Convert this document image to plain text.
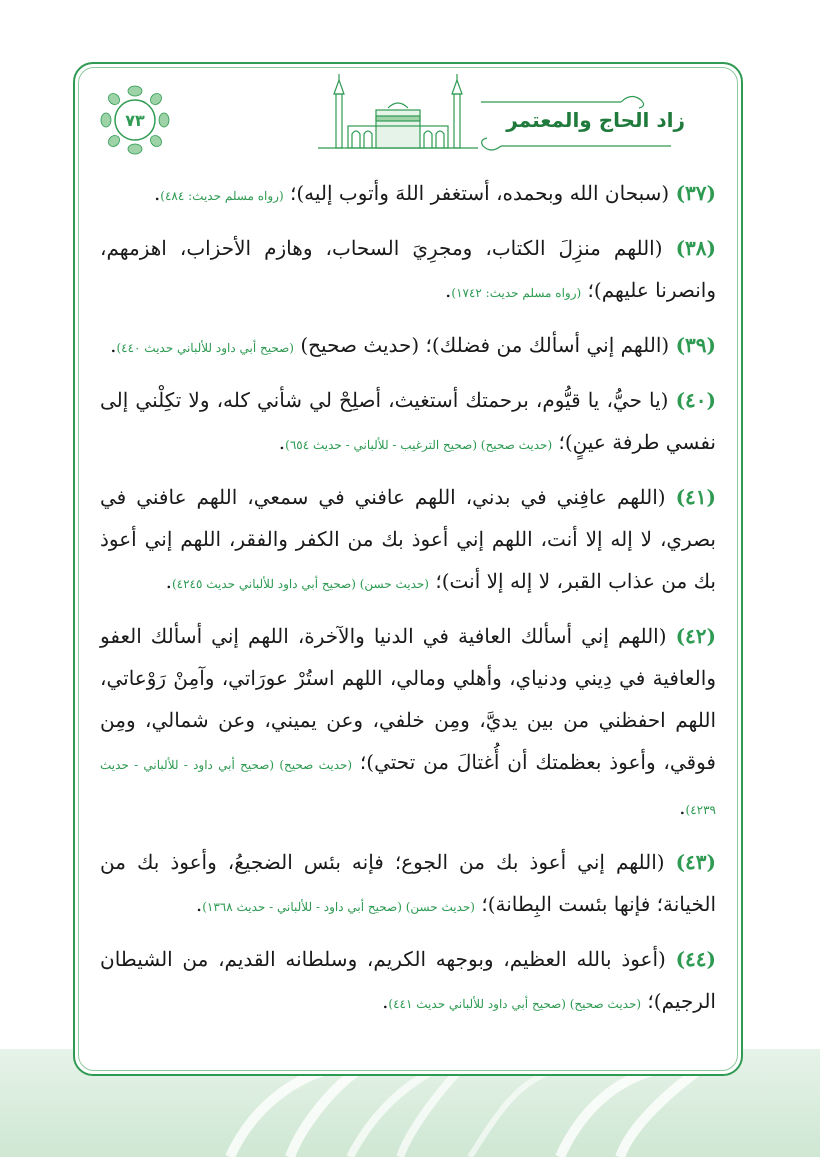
٧٣	زاد الحاج والمعتمر

(٣٧) (سبحان الله وبحمده، أستغفر اللهَ وأتوب إليه)؛ (رواه مسلم حديث: ٤٨٤).

(٣٨) (اللهم منزِلَ الكتاب، ومجرِيَ السحاب، وهازم الأحزاب، اهزمهم، وانصرنا عليهم)؛ (رواه مسلم حديث: ١٧٤٢).

(٣٩) (اللهم إني أسألك من فضلك)؛ (حديث صحيح) (صحيح أبي داود للألباني حديث ٤٤٠).

(٤٠) (يا حيُّ، يا قيُّوم، برحمتك أستغيث، أصلِحْ لي شأني كله، ولا تكِلْني إلى نفسي طرفة عينٍ)؛ (حديث صحيح) (صحيح الترغيب - للألباني - حديث ٦٥٤).

(٤١) (اللهم عافِني في بدني، اللهم عافني في سمعي، اللهم عافني في بصري، لا إله إلا أنت، اللهم إني أعوذ بك من الكفر والفقر، اللهم إني أعوذ بك من عذاب القبر، لا إله إلا أنت)؛ (حديث حسن) (صحيح أبي داود للألباني حديث ٤٢٤٥).

(٤٢) (اللهم إني أسألك العافية في الدنيا والآخرة، اللهم إني أسألك العفو والعافية في دِيني ودنياي، وأهلي ومالي، اللهم استُرْ عورَاتي، وآمِنْ رَوْعاتي، اللهم احفظني من بين يديَّ، ومِن خلفي، وعن يميني، وعن شمالي، ومِن فوقي، وأعوذ بعظمتك أن أُغتالَ من تحتي)؛ (حديث صحيح) (صحيح أبي داود - للألباني - حديث ٤٢٣٩).

(٤٣) (اللهم إني أعوذ بك من الجوع؛ فإنه بئس الضجيعُ، وأعوذ بك من الخيانة؛ فإنها بئست البِطانة)؛ (حديث حسن) (صحيح أبي داود - للألباني - حديث ١٣٦٨).

(٤٤) (أعوذ بالله العظيم، وبوجهه الكريم، وسلطانه القديم، من الشيطان الرجيم)؛ (حديث صحيح) (صحيح أبي داود للألباني حديث ٤٤١).
